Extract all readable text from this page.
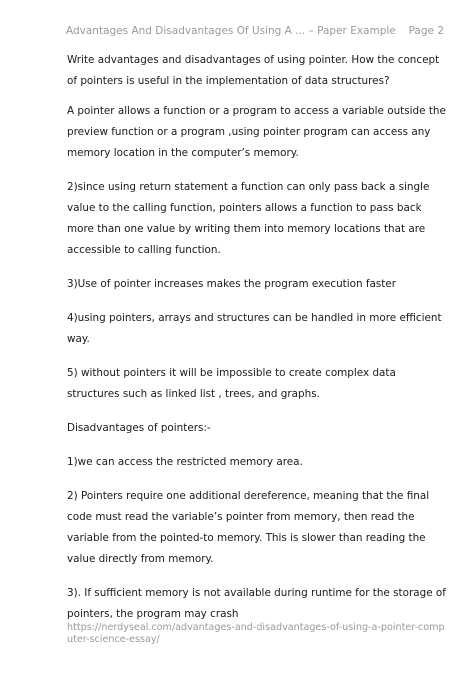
Advantages And Disadvantages Of Using A ... – Paper Example Page 2

Write advantages and disadvantages of using pointer. How the concept of pointers is useful in the implementation of data structures?

A pointer allows a function or a program to access a variable outside the preview function or a program ,using pointer program can access any memory location in the computer’s memory.

2)since using return statement a function can only pass back a single value to the calling function, pointers allows a function to pass back more than one value by writing them into memory locations that are accessible to calling function.

3)Use of pointer increases makes the program execution faster

4)using pointers, arrays and structures can be handled in more efficient way.

5) without pointers it will be impossible to create complex data structures such as linked list , trees, and graphs.

Disadvantages of pointers:-

1)we can access the restricted memory area.

2) Pointers require one additional dereference, meaning that the final code must read the variable’s pointer from memory, then read the variable from the pointed-to memory. This is slower than reading the value directly from memory.

3). If sufficient memory is not available during runtime for the storage of pointers, the program may crash

https://nerdyseal.com/advantages-and-disadvantages-of-using-a-pointer-computer-science-essay/
